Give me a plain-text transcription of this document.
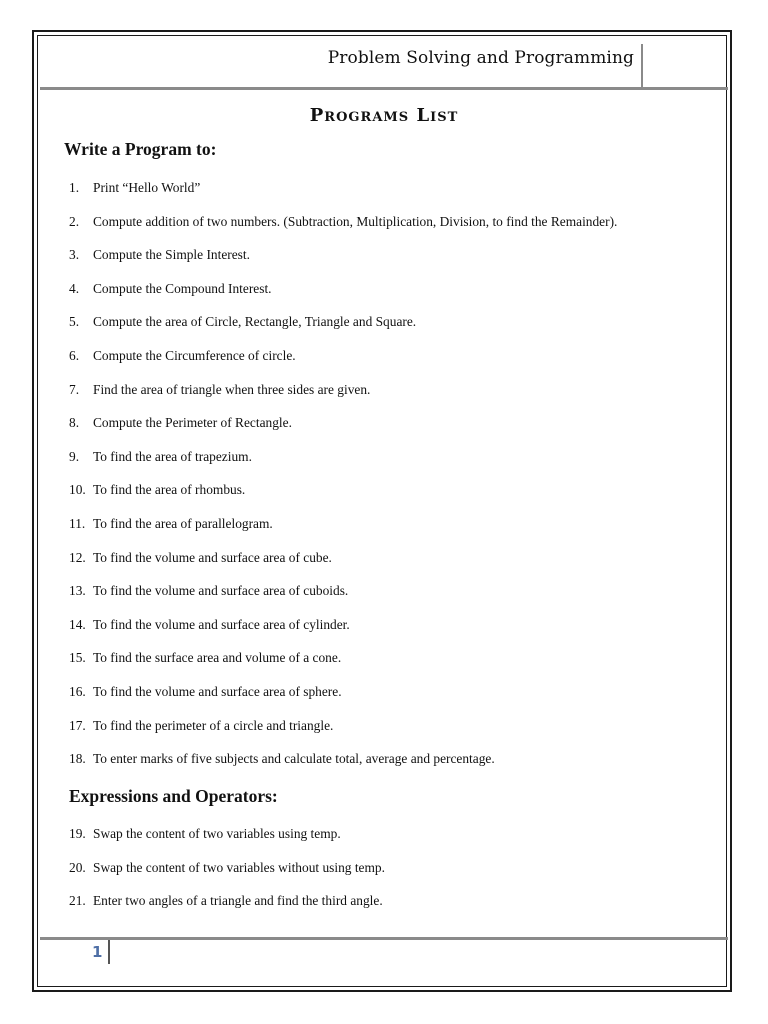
Problem Solving and Programming
Programs List
Write a Program to:
1. Print “Hello World”
2. Compute addition of two numbers. (Subtraction, Multiplication, Division, to find the Remainder).
3. Compute the Simple Interest.
4. Compute the Compound Interest.
5. Compute the area of Circle, Rectangle, Triangle and Square.
6. Compute the Circumference of circle.
7. Find the area of triangle when three sides are given.
8. Compute the Perimeter of Rectangle.
9. To find the area of trapezium.
10. To find the area of rhombus.
11. To find the area of parallelogram.
12. To find the volume and surface area of cube.
13. To find the volume and surface area of cuboids.
14. To find the volume and surface area of cylinder.
15. To find the surface area and volume of a cone.
16. To find the volume and surface area of sphere.
17. To find the perimeter of a circle and triangle.
18. To enter marks of five subjects and calculate total, average and percentage.
Expressions and Operators:
19. Swap the content of two variables using temp.
20. Swap the content of two variables without using temp.
21. Enter two angles of a triangle and find the third angle.
1
